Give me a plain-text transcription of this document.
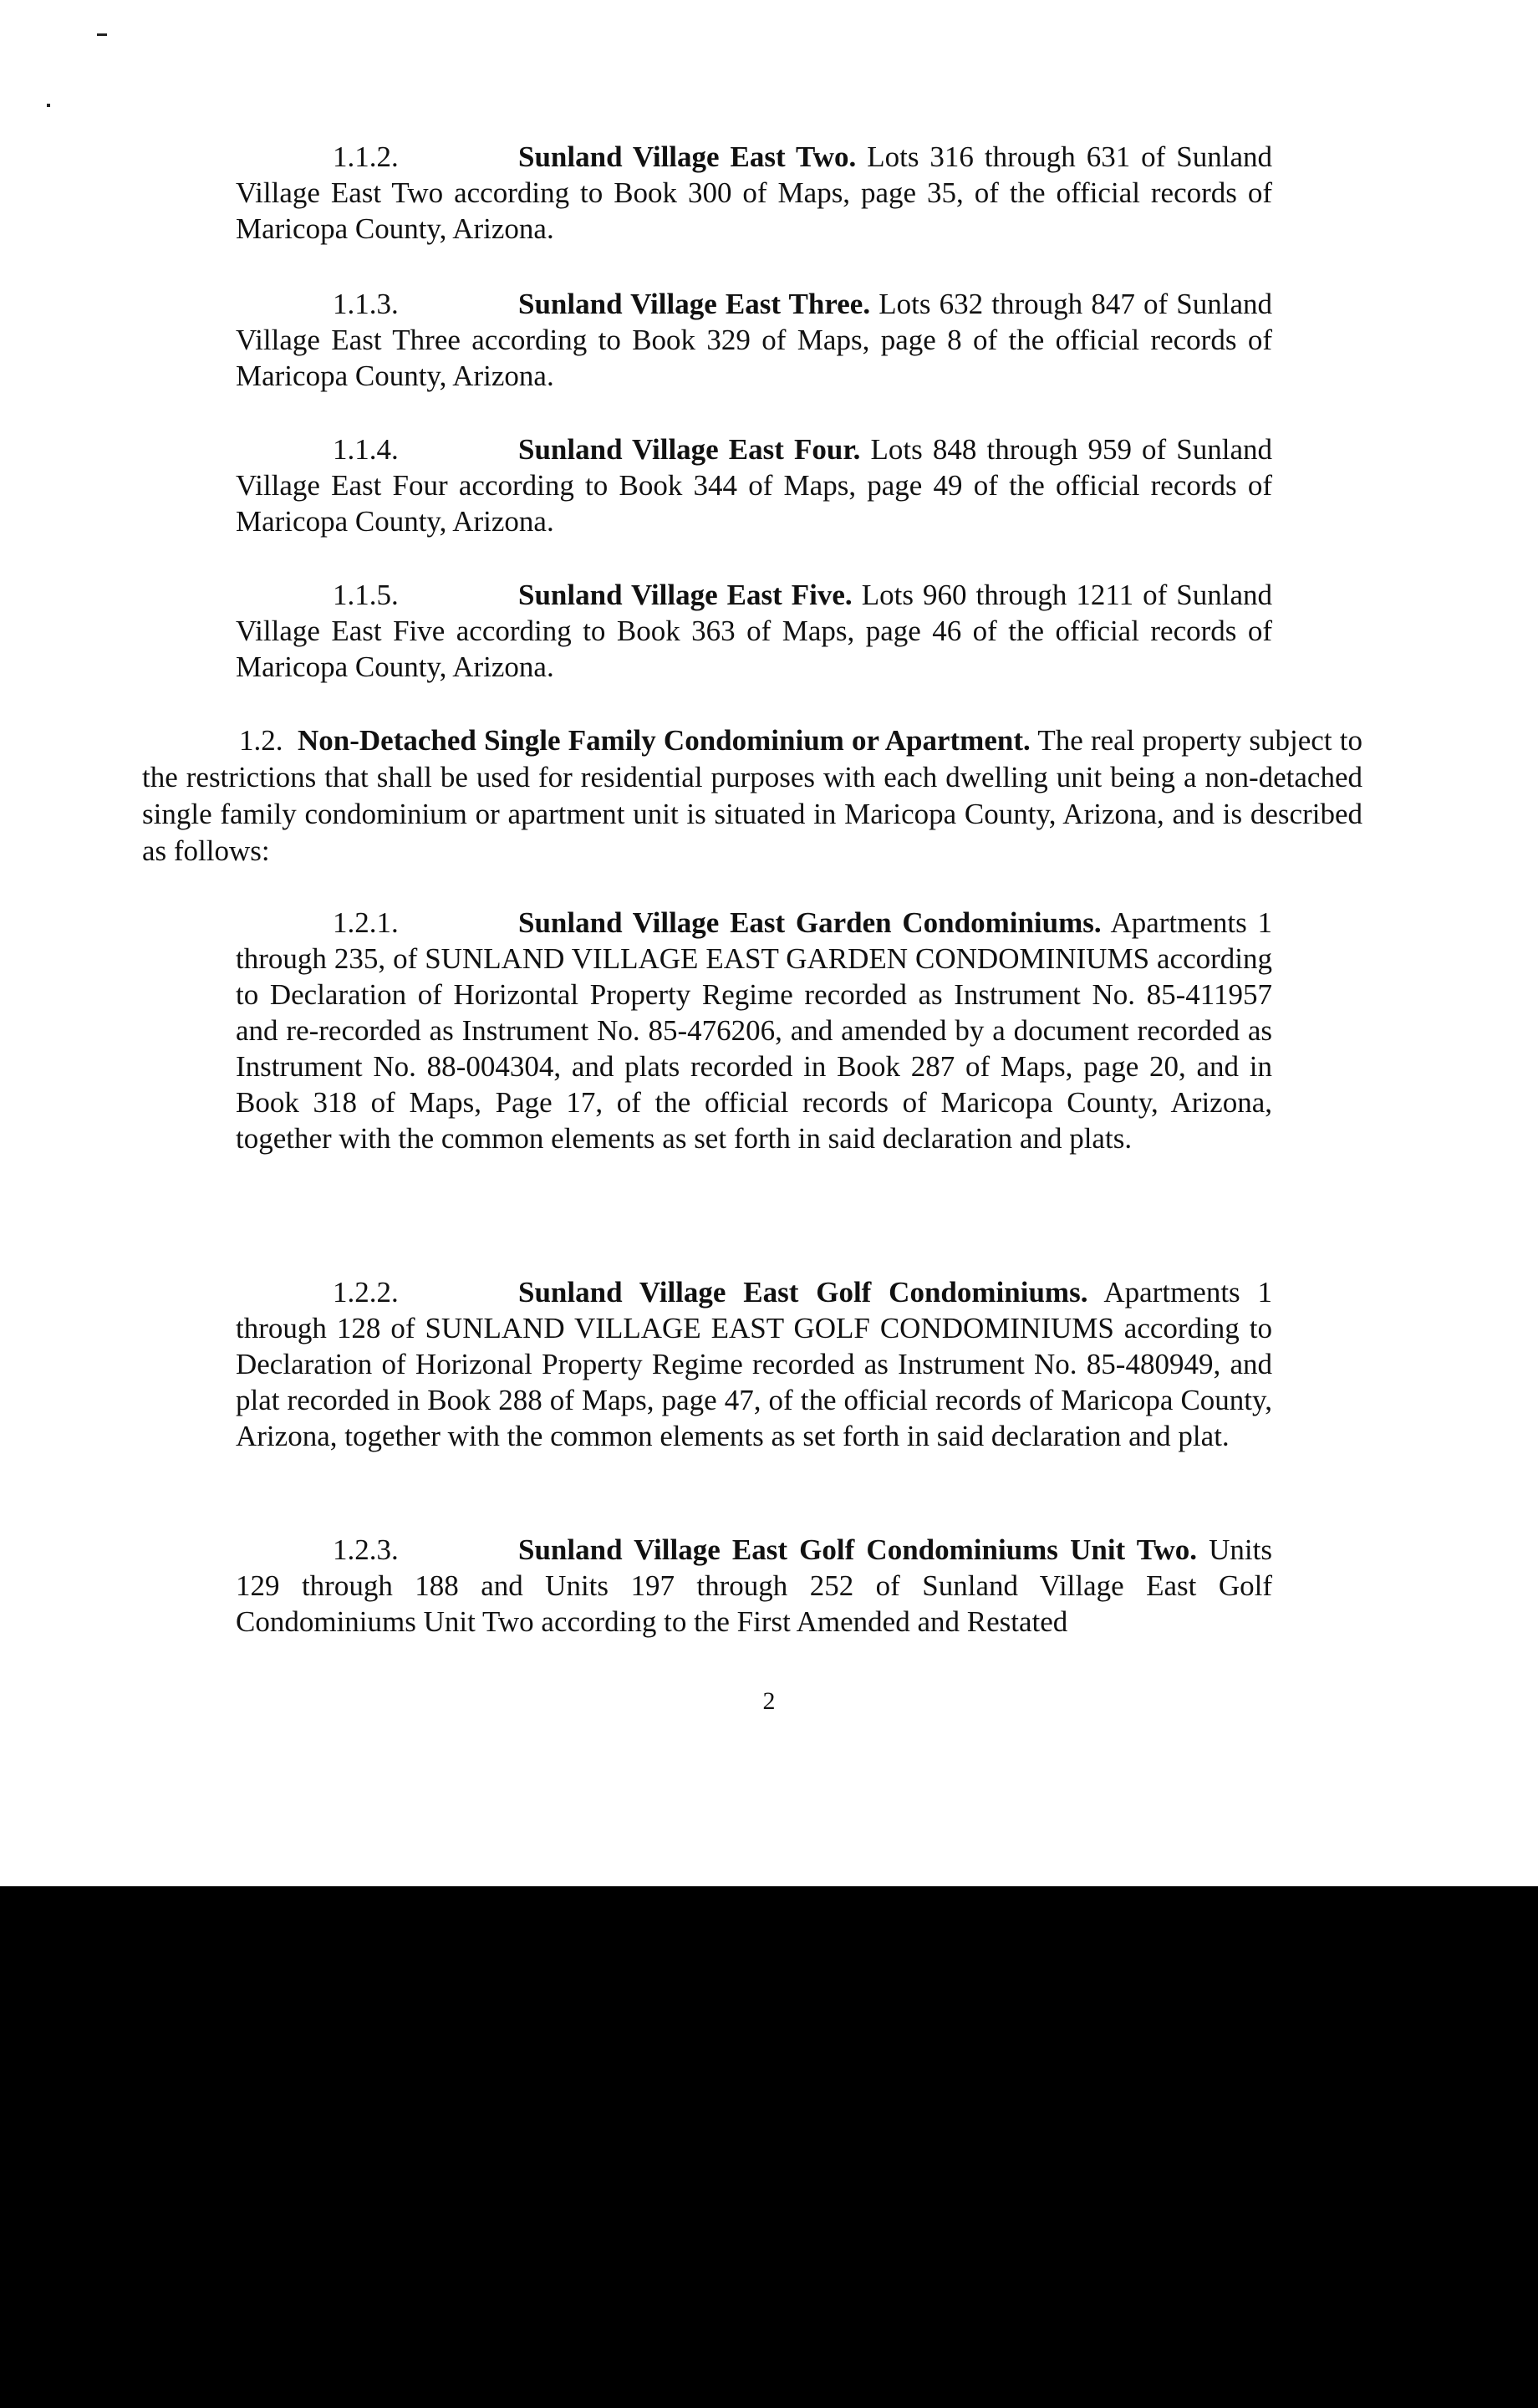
1.1.2.	Sunland Village East Two. Lots 316 through 631 of Sunland Village East Two according to Book 300 of Maps, page 35, of the official records of Maricopa County, Arizona.

1.1.3.	Sunland Village East Three. Lots 632 through 847 of Sunland Village East Three according to Book 329 of Maps, page 8 of the official records of Maricopa County, Arizona.

1.1.4.	Sunland Village East Four. Lots 848 through 959 of Sunland Village East Four according to Book 344 of Maps, page 49 of the official records of Maricopa County, Arizona.

1.1.5.	Sunland Village East Five. Lots 960 through 1211 of Sunland Village East Five according to Book 363 of Maps, page 46 of the official records of Maricopa County, Arizona.

1.2. Non-Detached Single Family Condominium or Apartment. The real property subject to the restrictions that shall be used for residential purposes with each dwelling unit being a non-detached single family condominium or apartment unit is situated in Maricopa County, Arizona, and is described as follows:

1.2.1.	Sunland Village East Garden Condominiums. Apartments 1 through 235, of SUNLAND VILLAGE EAST GARDEN CONDOMINIUMS according to Declaration of Horizontal Property Regime recorded as Instrument No. 85-411957 and re-recorded as Instrument No. 85-476206, and amended by a document recorded as Instrument No. 88-004304, and plats recorded in Book 287 of Maps, page 20, and in Book 318 of Maps, Page 17, of the official records of Maricopa County, Arizona, together with the common elements as set forth in said declaration and plats.

1.2.2.	Sunland Village East Golf Condominiums. Apartments 1 through 128 of SUNLAND VILLAGE EAST GOLF CONDOMINIUMS according to Declaration of Horizonal Property Regime recorded as Instrument No. 85-480949, and plat recorded in Book 288 of Maps, page 47, of the official records of Maricopa County, Arizona, together with the common elements as set forth in said declaration and plat.

1.2.3.	Sunland Village East Golf Condominiums Unit Two. Units 129 through 188 and Units 197 through 252 of Sunland Village East Golf Condominiums Unit Two according to the First Amended and Restated

2
